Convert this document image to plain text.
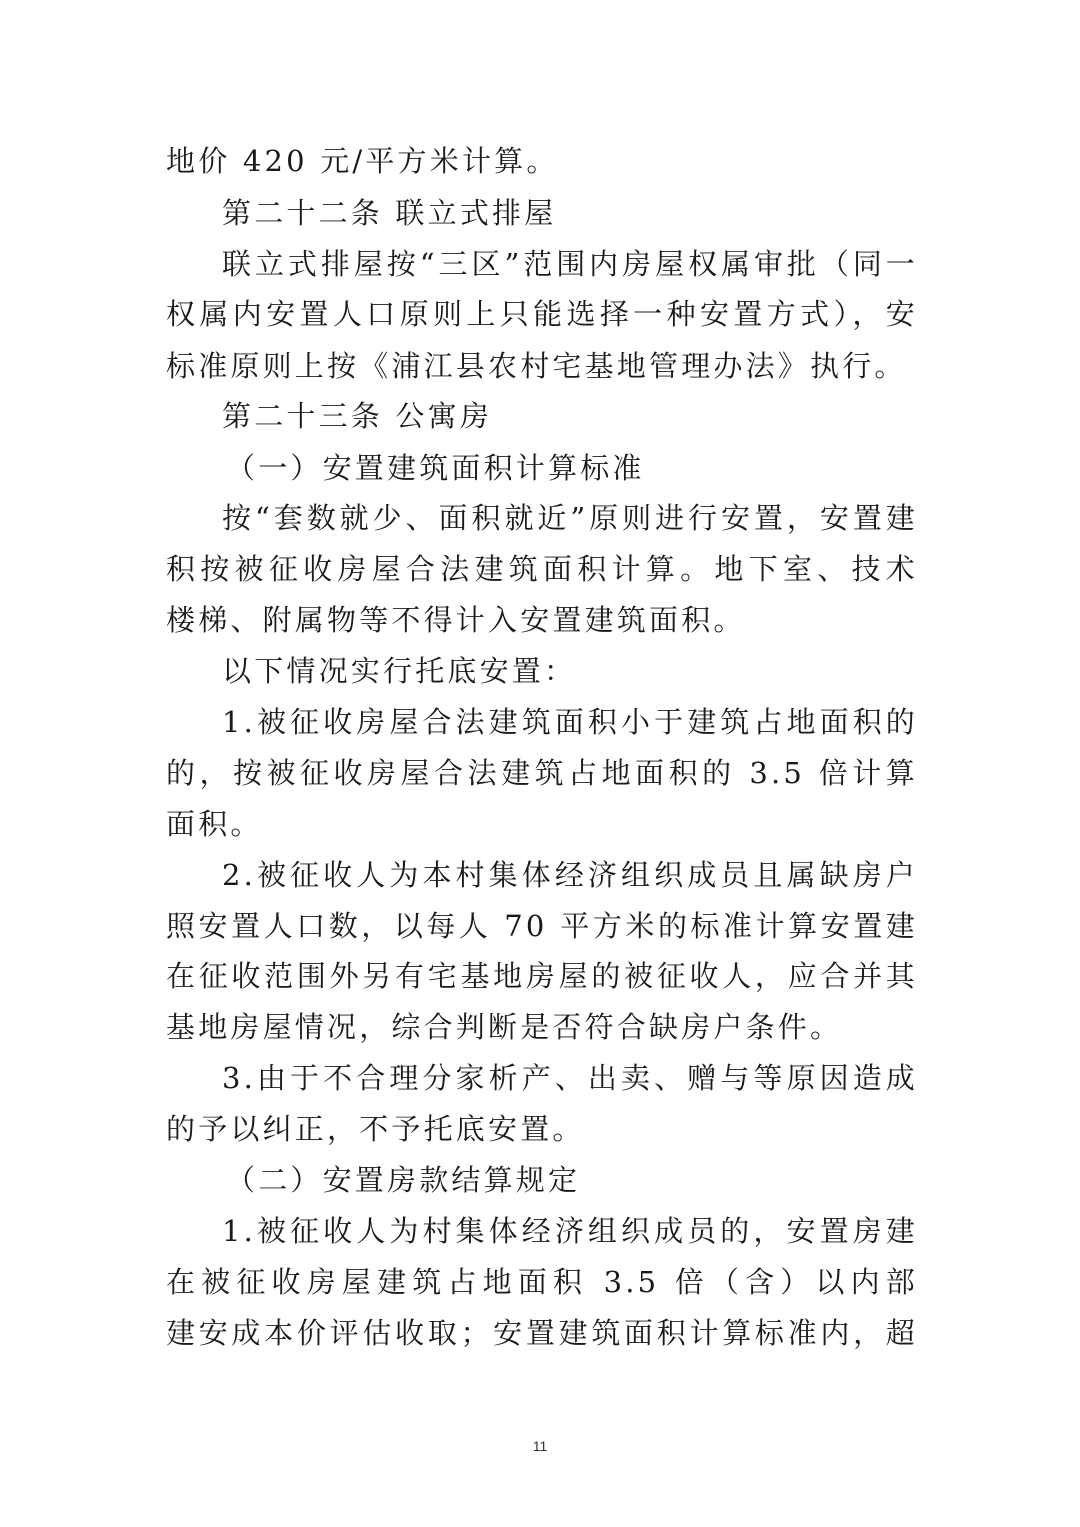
地价 420 元/平方米计算。
第二十二条 联立式排屋
联立式排屋按“三区”范围内房屋权属审批（同一
权属内安置人口原则上只能选择一种安置方式），安
标准原则上按《浦江县农村宅基地管理办法》执行。
第二十三条 公寓房
（一）安置建筑面积计算标准
按“套数就少、面积就近”原则进行安置，安置建
积按被征收房屋合法建筑面积计算。地下室、技术
楼梯、附属物等不得计入安置建筑面积。
以下情况实行托底安置：
1.被征收房屋合法建筑面积小于建筑占地面积的
的，按被征收房屋合法建筑占地面积的 3.5 倍计算
面积。
2.被征收人为本村集体经济组织成员且属缺房户
照安置人口数，以每人 70 平方米的标准计算安置建
在征收范围外另有宅基地房屋的被征收人，应合并其
基地房屋情况，综合判断是否符合缺房户条件。
3.由于不合理分家析产、出卖、赠与等原因造成
的予以纠正，不予托底安置。
（二）安置房款结算规定
1.被征收人为村集体经济组织成员的，安置房建
在被征收房屋建筑占地面积 3.5 倍（含）以内部
建安成本价评估收取；安置建筑面积计算标准内，超
11
